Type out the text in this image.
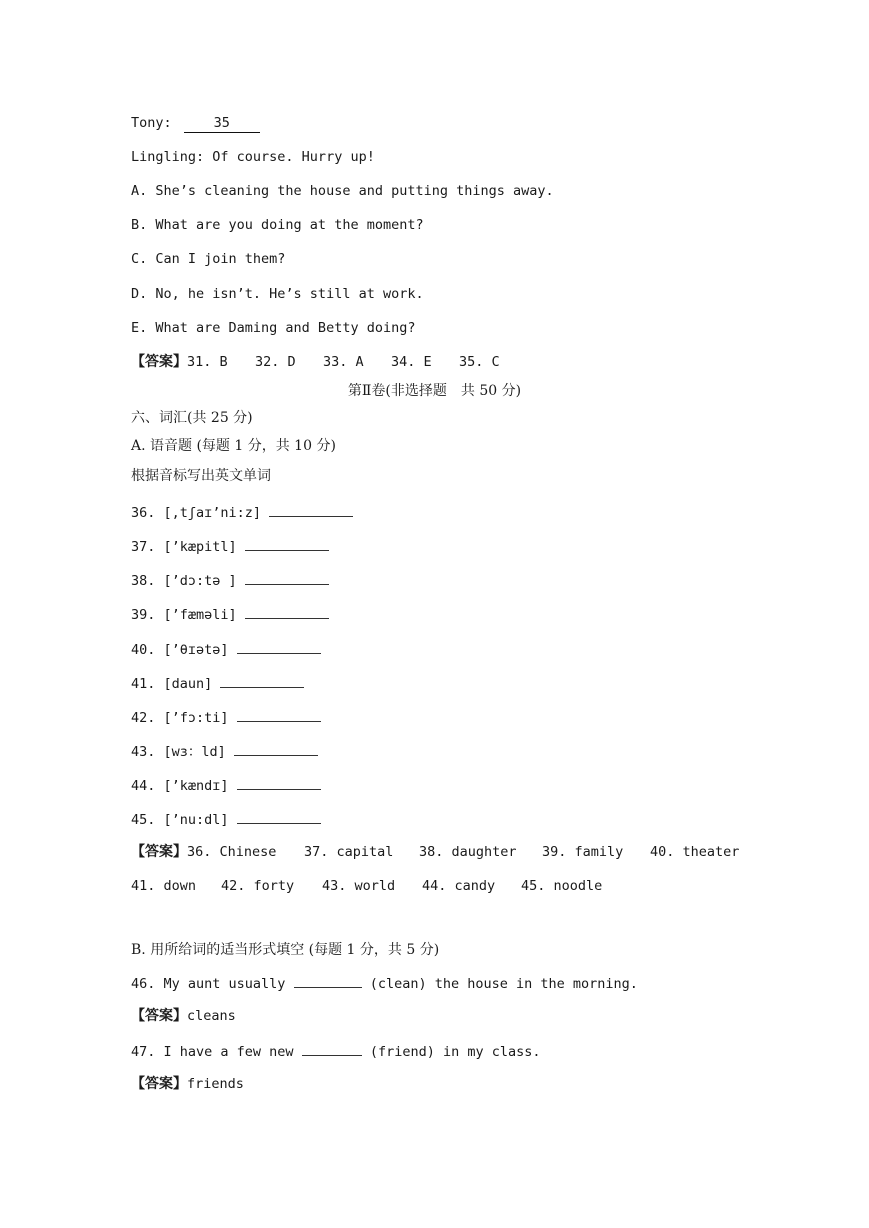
Tony:	35
Lingling: Of course. Hurry up!
A. She’s cleaning the house and putting things away.
B. What are you doing at the moment?
C. Can I join them?
D. No, he isn’t. He’s still at work.
E. What are Daming and Betty doing?
【答案】31. B 32. D 33. A 34. E 35. C
第Ⅱ卷(非选择题　共 50 分)
六、词汇(共 25 分)
A. 语音题 (每题 1 分，共 10 分)
根据音标写出英文单词
36. [,tʃaɪ’ni:z]
37. [’kæpitl]
38. [’dɔ:tə ]
39. [’fæməli]
40. [’θɪətə]
41. [daun]
42. [’fɔ:ti]
43. [wɜ：ld]
44. [’kændɪ]
45. [’nu:dl]
【答案】36. Chinese 37. capital 38. daughter 39. family 40. theater
41. down 42. forty 43. world 44. candy 45. noodle
B. 用所给词的适当形式填空 (每题 1 分，共 5 分)
46. My aunt usually	(clean) the house in the morning.
【答案】cleans
47. I have a few new	(friend) in my class.
【答案】friends
